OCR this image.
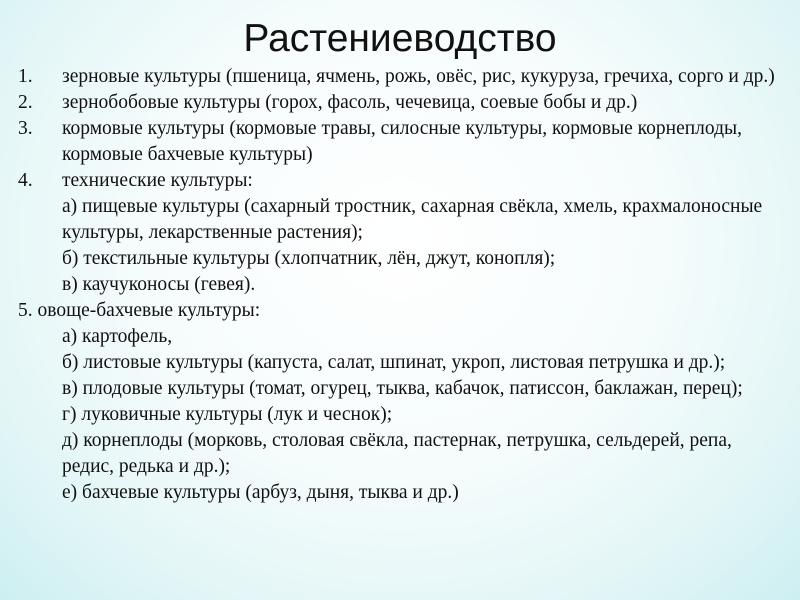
Растениеводство
1. зерновые культуры (пшеница, ячмень, рожь, овёс, рис, кукуруза, гречиха, сорго и др.)
2. зернобобовые культуры (горох, фасоль, чечевица, соевые бобы и др.)
3. кормовые культуры (кормовые травы, силосные культуры, кормовые корнеплоды, кормовые бахчевые культуры)
4. технические культуры:
а) пищевые культуры (сахарный тростник, сахарная свёкла, хмель, крахмалоносные культуры, лекарственные растения);
б) текстильные культуры (хлопчатник, лён, джут, конопля);
в) каучуконосы (гевея).
5. овоще-бахчевые культуры:
а) картофель,
б) листовые культуры (капуста, салат, шпинат, укроп, листовая петрушка и др.);
в) плодовые культуры (томат, огурец, тыква, кабачок, патиссон, баклажан, перец);
г) луковичные культуры (лук и чеснок);
д) корнеплоды (морковь, столовая свёкла, пастернак, петрушка, сельдерей, репа, редис, редька и др.);
е) бахчевые культуры (арбуз, дыня, тыква и др.)
